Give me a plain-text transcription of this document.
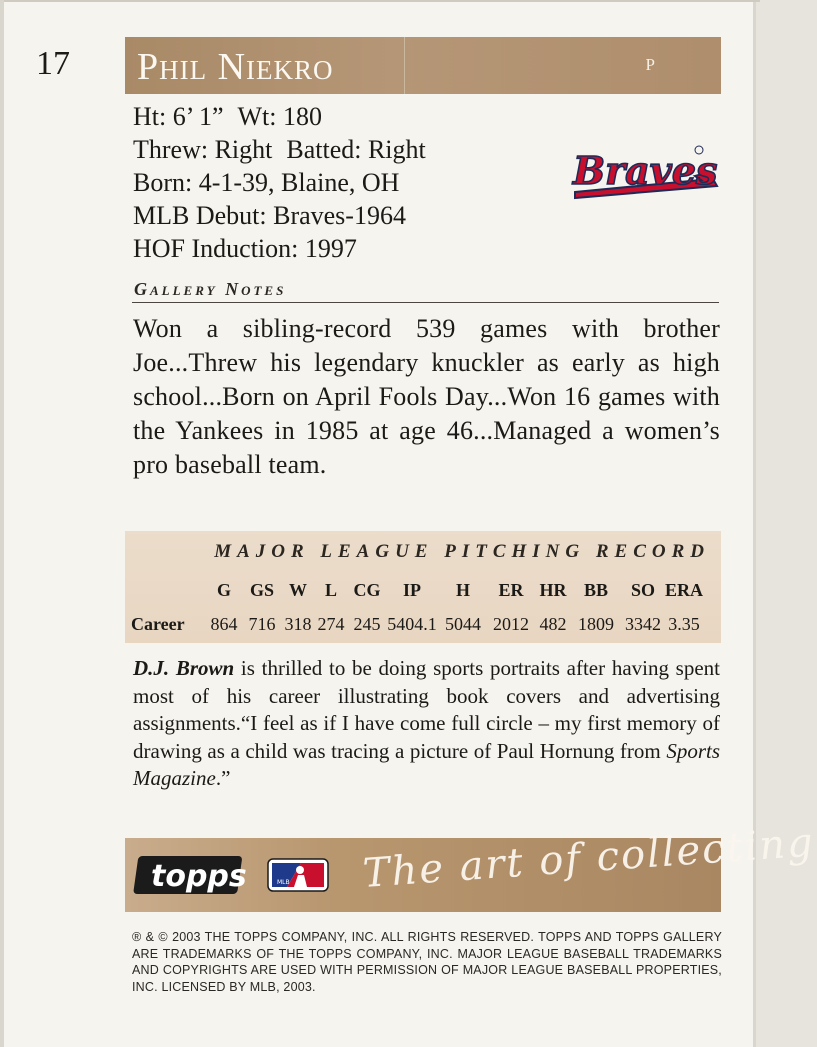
17 Phil Niekro	P
Ht: 6’ 1” Wt: 180
Threw: Right Batted: Right
Born: 4-1-39, Blaine, OH
MLB Debut: Braves-1964
HOF Induction: 1997
Braves
Gallery Notes
Won a sibling-record 539 games with brother Joe...Threw his legendary knuckler as early as high school...Born on April Fools Day...Won 16 games with the Yankees in 1985 at age 46...Managed a women’s pro baseball team.
MAJOR LEAGUE PITCHING RECORD
	G	GS	W	L	CG	IP	H	ER	HR	BB	SO	ERA
Career	864	716	318	274	245	5404.1	5044	2012	482	1809	3342	3.35
D.J. Brown is thrilled to be doing sports portraits after having spent most of his career illustrating book covers and advertising assignments.“I feel as if I have come full circle – my first memory of drawing as a child was tracing a picture of Paul Hornung from Sports Magazine.”
topps	MLB The art of collecting
® & © 2003 THE TOPPS COMPANY, INC. ALL RIGHTS RESERVED. TOPPS AND TOPPS GALLERY ARE TRADEMARKS OF THE TOPPS COMPANY, INC. MAJOR LEAGUE BASEBALL TRADEMARKS AND COPYRIGHTS ARE USED WITH PERMISSION OF MAJOR LEAGUE BASEBALL PROPERTIES, INC. LICENSED BY MLB, 2003.
